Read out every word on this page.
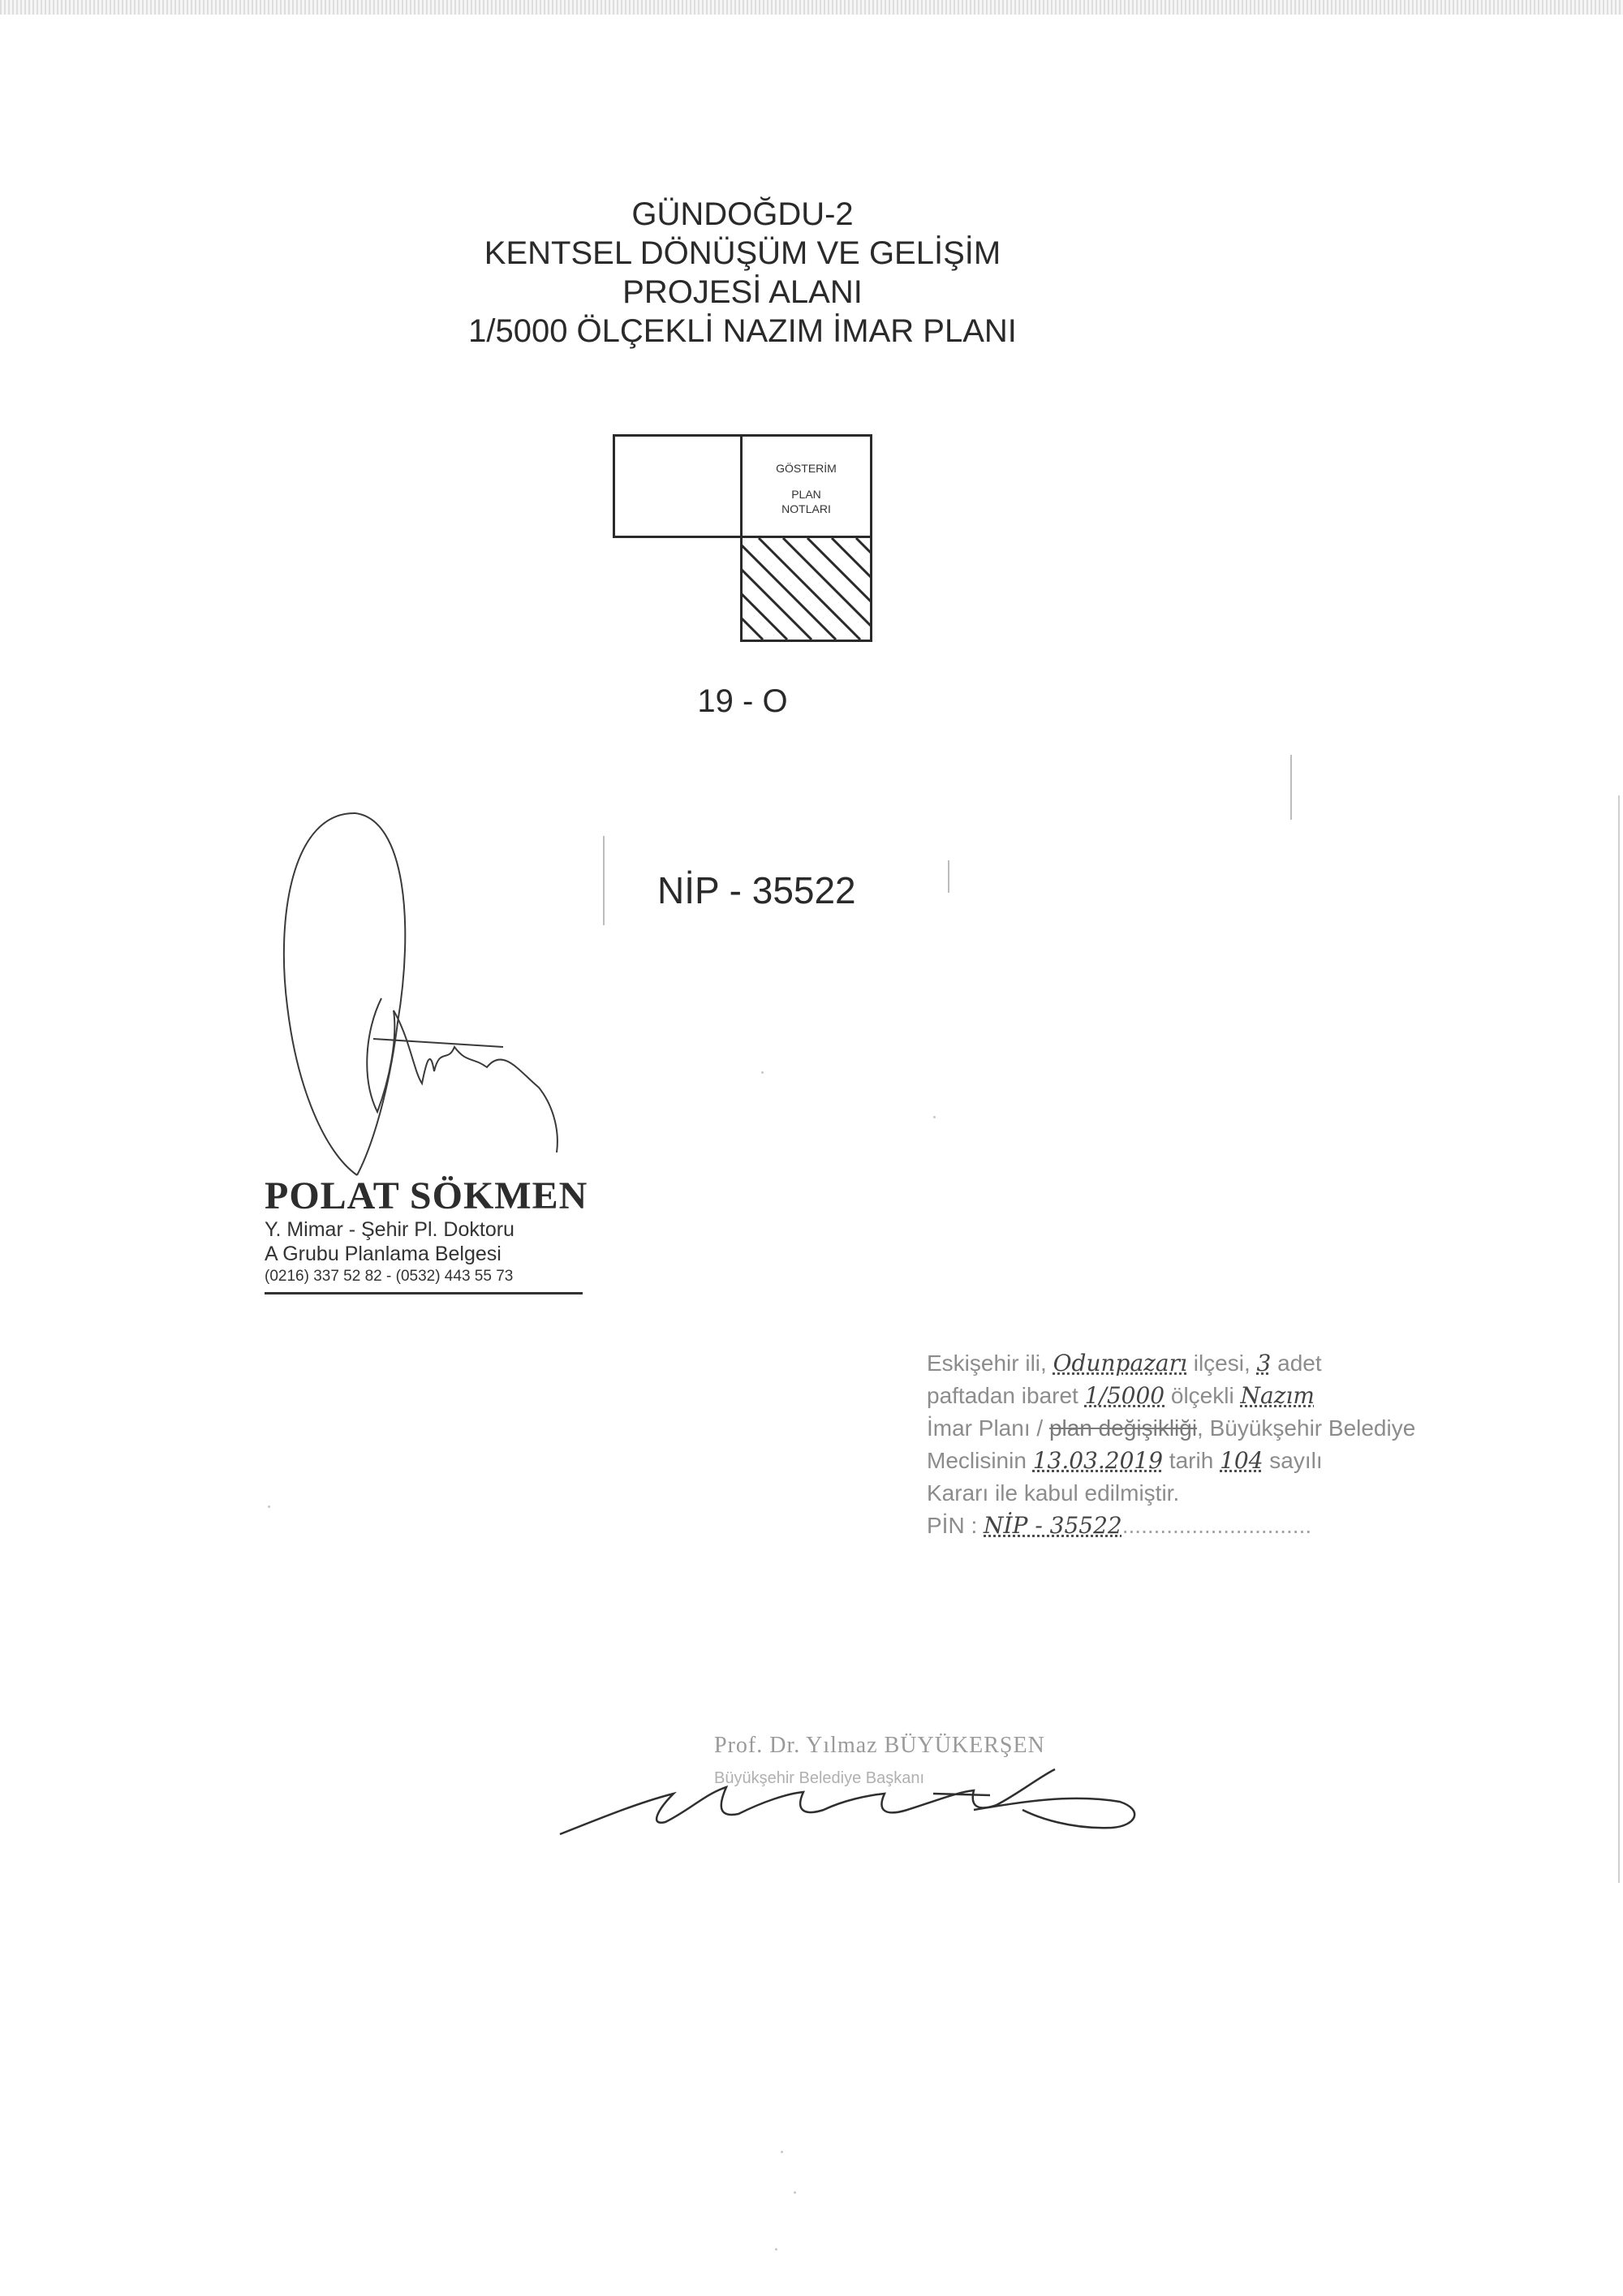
GÜNDOĞDU-2
KENTSEL DÖNÜŞÜM VE GELİŞİM
PROJESİ ALANI
1/5000 ÖLÇEKLİ NAZIM İMAR PLANI
GÖSTERİM
PLAN
NOTLARI
19 - O
NİP - 35522
POLAT SÖKMEN
Y. Mimar - Şehir Pl. Doktoru
A Grubu Planlama Belgesi
(0216) 337 52 82 - (0532) 443 55 73
Eskişehir ili, Odunpazarı ilçesi, 3 adet
paftadan ibaret 1/5000 ölçekli Nazım
İmar Planı / plan değişikliği, Büyükşehir Belediye
Meclisinin 13.03.2019 tarih 104 sayılı
Kararı ile kabul edilmiştir.
PİN : NİP - 35522..............................
Prof. Dr. Yılmaz BÜYÜKERŞEN
Büyükşehir Belediye Başkanı
